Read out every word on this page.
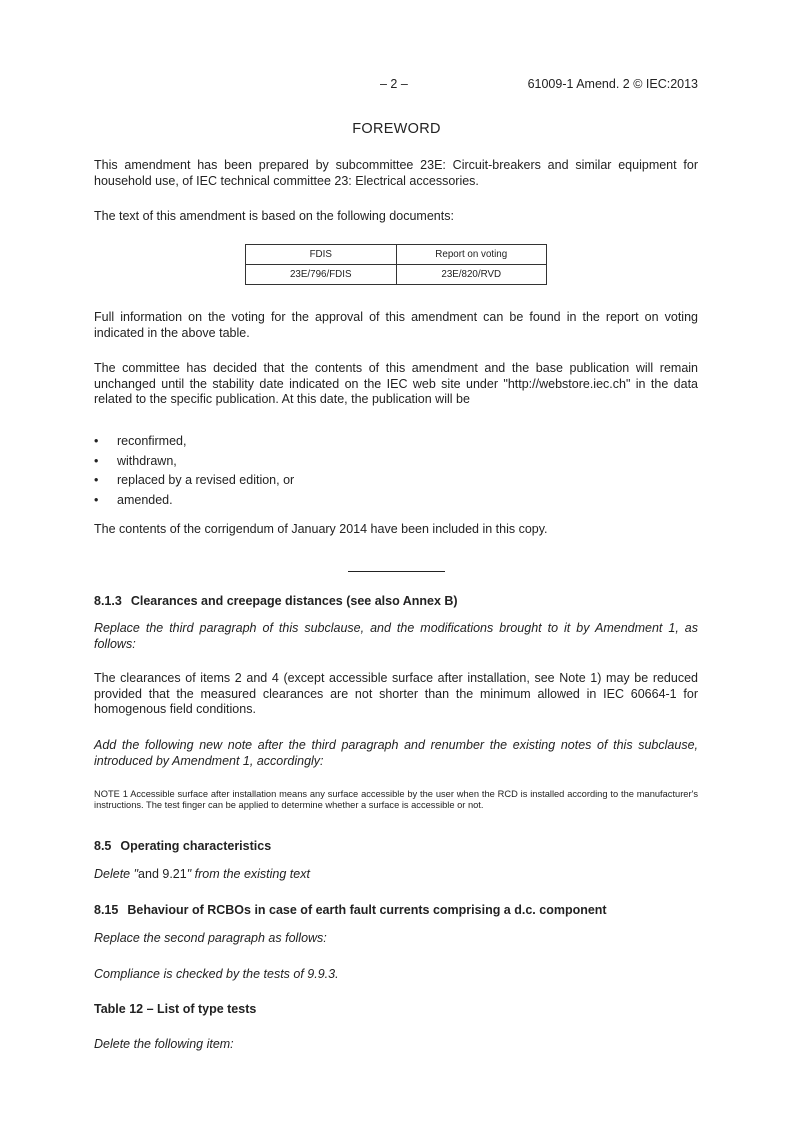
– 2 –	61009-1 Amend. 2 © IEC:2013
FOREWORD

This amendment has been prepared by subcommittee 23E: Circuit-breakers and similar equipment for household use, of IEC technical committee 23: Electrical accessories.

The text of this amendment is based on the following documents:

FDIS	Report on voting
23E/796/FDIS	23E/820/RVD

Full information on the voting for the approval of this amendment can be found in the report on voting indicated in the above table.

The committee has decided that the contents of this amendment and the base publication will remain unchanged until the stability date indicated on the IEC web site under "http://webstore.iec.ch" in the data related to the specific publication. At this date, the publication will be

• reconfirmed,
• withdrawn,
• replaced by a revised edition, or
• amended.

The contents of the corrigendum of January 2014 have been included in this copy.

8.1.3 Clearances and creepage distances (see also Annex B)

Replace the third paragraph of this subclause, and the modifications brought to it by Amendment 1, as follows:

The clearances of items 2 and 4 (except accessible surface after installation, see Note 1) may be reduced provided that the measured clearances are not shorter than the minimum allowed in IEC 60664-1 for homogenous field conditions.

Add the following new note after the third paragraph and renumber the existing notes of this subclause, introduced by Amendment 1, accordingly:

NOTE 1 Accessible surface after installation means any surface accessible by the user when the RCD is installed according to the manufacturer's instructions. The test finger can be applied to determine whether a surface is accessible or not.

8.5 Operating characteristics

Delete "and 9.21" from the existing text

8.15 Behaviour of RCBOs in case of earth fault currents comprising a d.c. component

Replace the second paragraph as follows:

Compliance is checked by the tests of 9.9.3.

Table 12 – List of type tests

Delete the following item:
